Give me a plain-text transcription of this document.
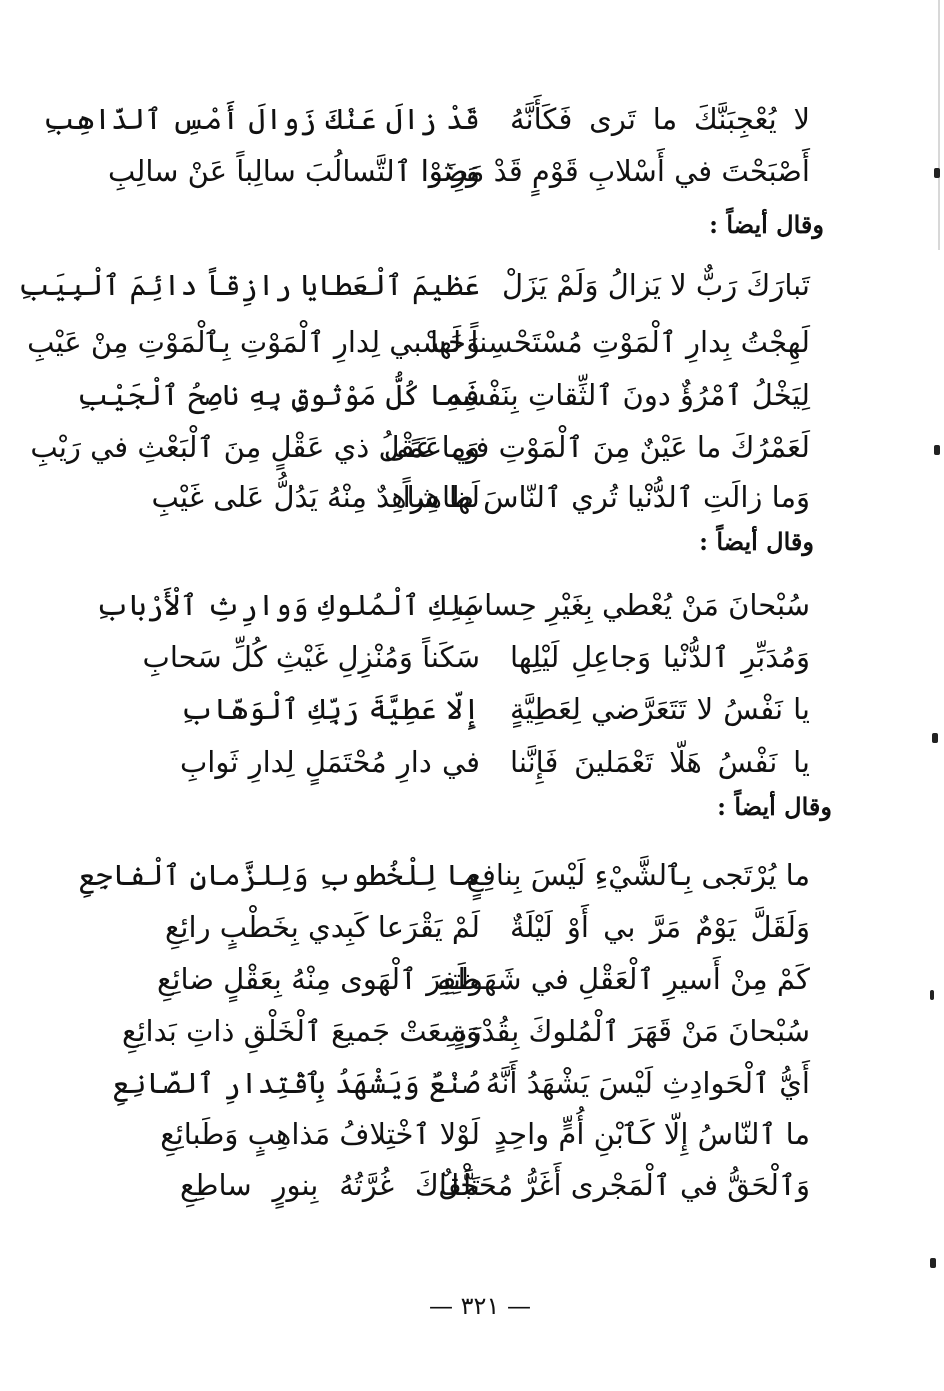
لا يُعْجِبَنَّكَ ما تَرى فَكَأَنَّهُ
قَدْ زالَ عَنْكَ زَوالَ أَمْسِ ٱلذّاهِبِ
أَصْبَحْتَ في أَسْلابِ قَوْمٍ قَدْ مَضَوْا
وَرِثوا ٱلتَّسالُبَ سالِباً عَنْ سالِبِ
وقال أيضاً :
تَبارَكَ رَبٌّ لا يَزالُ وَلَمْ يَزَلْ
عَظيمَ ٱلْعَطايا رازِقاً دائِمَ ٱلْبِيَبِ
لَهِجْتُ بِدارِ ٱلْمَوْتِ مُسْتَحْسِناً لَها
وَحَسْبي لِدارِ ٱلْمَوْتِ بِٱلْمَوْتِ مِنْ عَيْبِ
لِيَخْلُ ٱمْرُؤٌ دونَ ٱلثِّقاتِ بِنَفْسِهِ
فَما كُلُّ مَوْثوقٍ بِهِ ناصِحُ ٱلْجَيْبِ
لَعَمْرُكَ ما عَيْنٌ مِنَ ٱلْمَوْتِ في عَمًى
وَما عَقْلُ ذي عَقْلٍ مِنَ ٱلْبَعْثِ في رَيْبِ
وَما زالَتِ ٱلدُّنْيا تُري ٱلنّاسَ ظاهِراً
لَها شاهِدٌ مِنْهُ يَدُلُّ عَلى غَيْبِ
وقال أيضاً :
سُبْحانَ مَنْ يُعْطي بِغَيْرِ حِسابِ
مَلِكِ ٱلْمُلوكِ وَوارِثِ ٱلْأَرْبابِ
وَمُدَبِّرِ ٱلدُّنْيا وَجاعِلِ لَيْلِها
سَكَناً وَمُنْزِلِ غَيْثِ كُلِّ سَحابِ
يا نَفْسُ لا تَتَعَرَّضي لِعَطِيَّةٍ
إِلّا عَطِيَّةَ رَبِّكِ ٱلْوَهّابِ
يا نَفْسُ هَلّا تَعْمَلينَ فَإِنَّنا
في دارِ مُحْتَمَلٍ لِدارِ ثَوابِ
وقال أيضاً :
ما يُرْتَجى بِٱلشَّيْءِ لَيْسَ بِنافِعٍ
ما لِلْخُطوبِ وَلِلزَّمانِ ٱلْفاجِعِ
وَلَقَلَّ يَوْمٌ مَرَّ بي أَوْ لَيْلَةٌ
لَمْ يَقْرَعا كَبِدي بِخَطْبٍ رائِعِ
كَمْ مِنْ أَسيرِ ٱلْعَقْلِ في شَهَواتِهِ
ظَفِرَ ٱلْهَوى مِنْهُ بِعَقْلٍ ضائِعِ
سُبْحانَ مَنْ قَهَرَ ٱلْمُلوكَ بِقُدْرَةٍ
وَسِعَتْ جَميعَ ٱلْخَلْقِ ذاتِ بَدائِعِ
أَيُّ ٱلْحَوادِثِ لَيْسَ يَشْهَدُ أَنَّهُ
صُنْعٌ وَيَشْهَدُ بِٱقْتِدارِ ٱلصّانِعِ
ما ٱلنّاسُ إِلّا كَٱبْنِ أُمٍّ واحِدٍ
لَوْلا ٱخْتِلافُ مَذاهِبٍ وَطَبائِعِ
وَٱلْحَقُّ في ٱلْمَجْرى أَغَرُّ مُحَجَّلٌ
تَلْقاكَ غُرَّتُهُ بِنورٍ ساطِعِ
— ٣٢١ —
